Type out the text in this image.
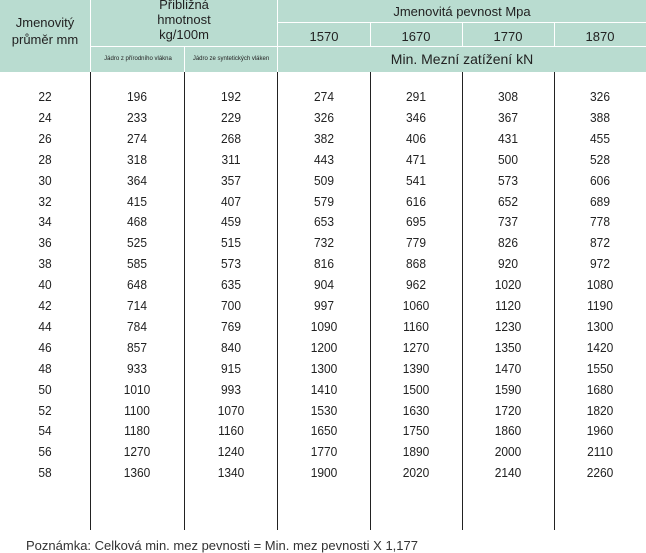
Jmenovitý
průměr mm
Přibližná
hmotnost
kg/100m
Jádro z přírodního vlákna	Jádro ze syntetických vláken
Jmenovitá pevnost Mpa
1570	1670	1770	1870
Min. Mezní zatížení kN
22	196	192	274	291	308	326
24	233	229	326	346	367	388
26	274	268	382	406	431	455
28	318	311	443	471	500	528
30	364	357	509	541	573	606
32	415	407	579	616	652	689
34	468	459	653	695	737	778
36	525	515	732	779	826	872
38	585	573	816	868	920	972
40	648	635	904	962	1020	1080
42	714	700	997	1060	1120	1190
44	784	769	1090	1160	1230	1300
46	857	840	1200	1270	1350	1420
48	933	915	1300	1390	1470	1550
50	1010	993	1410	1500	1590	1680
52	1100	1070	1530	1630	1720	1820
54	1180	1160	1650	1750	1860	1960
56	1270	1240	1770	1890	2000	2110
58	1360	1340	1900	2020	2140	2260
Poznámka: Celková min. mez pevnosti = Min. mez pevnosti X 1,177
